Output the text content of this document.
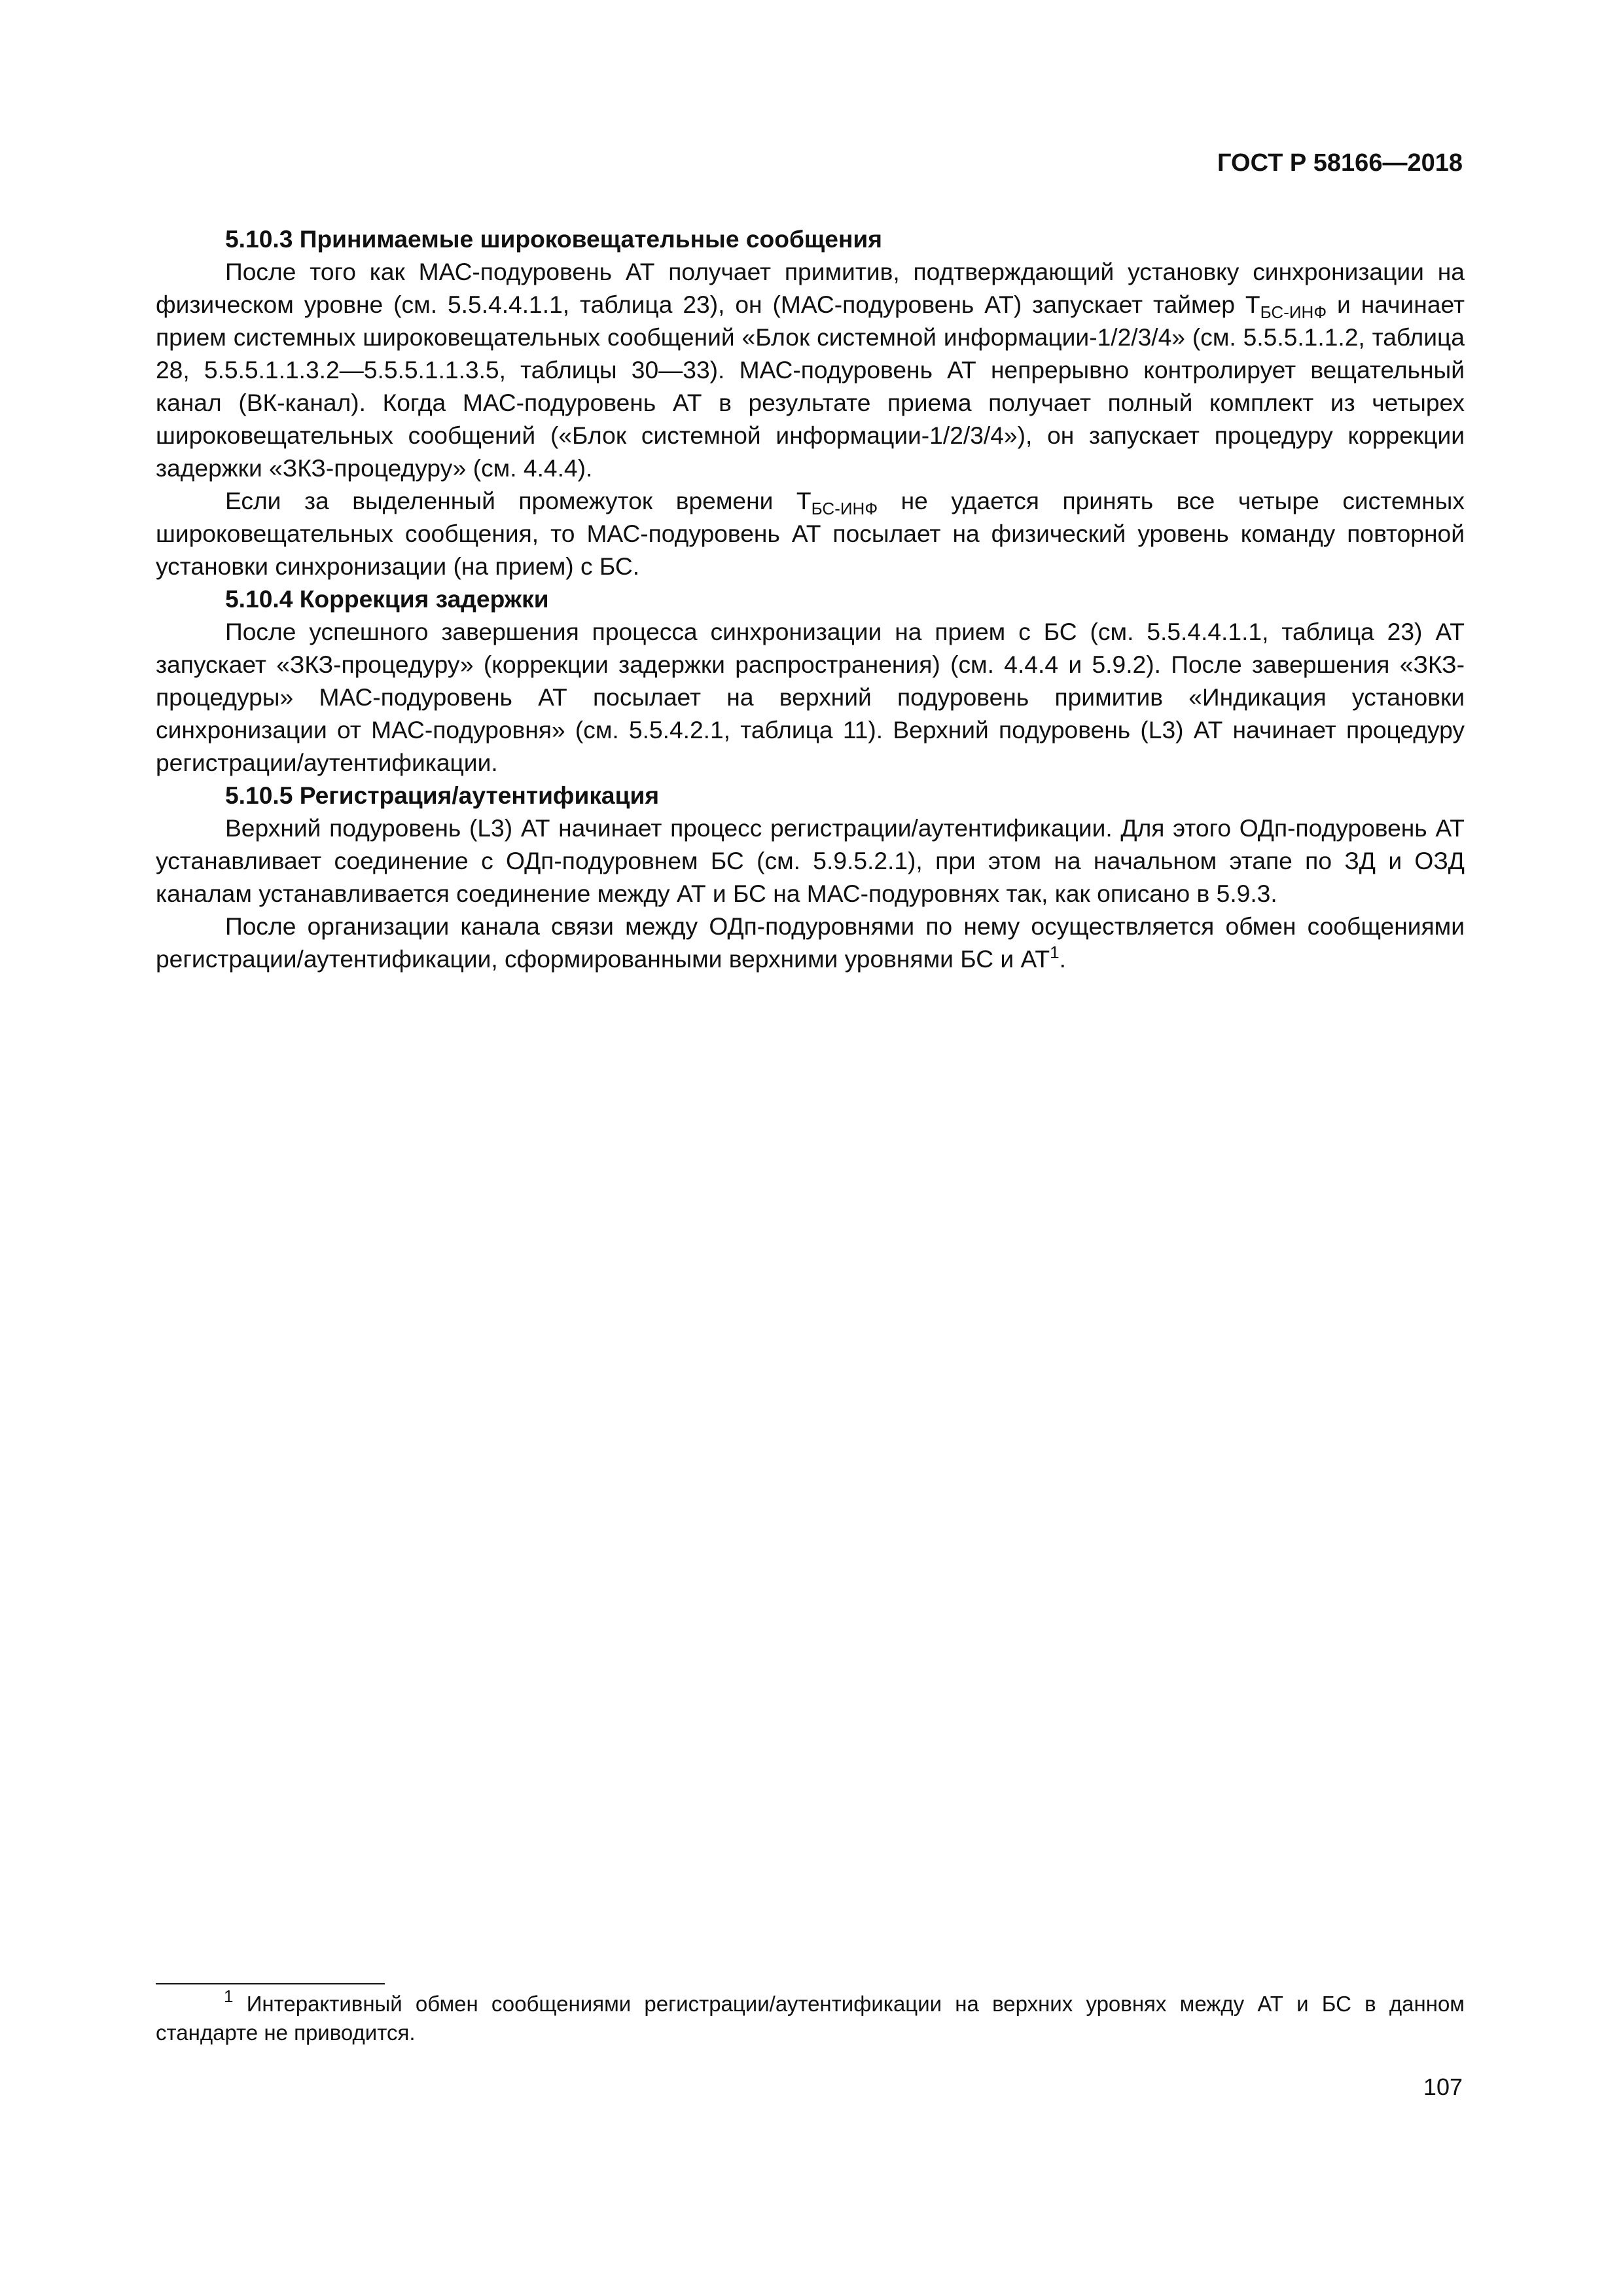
ГОСТ Р 58166—2018

5.10.3 Принимаемые широковещательные сообщения

После того как МАС-подуровень АТ получает примитив, подтверждающий установку синхронизации на физическом уровне (см. 5.5.4.4.1.1, таблица 23), он (МАС-подуровень АТ) запускает таймер $Т_{БС-ИНФ}$ и начинает прием системных широковещательных сообщений «Блок системной информации-1/2/3/4» (см. 5.5.5.1.1.2, таблица 28, 5.5.5.1.1.3.2—5.5.5.1.1.3.5, таблицы 30—33). МАС-подуровень АТ непрерывно контролирует вещательный канал (ВК-канал). Когда МАС-подуровень АТ в результате приема получает полный комплект из четырех широковещательных сообщений («Блок системной информации-1/2/3/4»), он запускает процедуру коррекции задержки «ЗКЗ-процедуру» (см. 4.4.4).

Если за выделенный промежуток времени $Т_{БС-ИНФ}$ не удается принять все четыре системных широковещательных сообщения, то МАС-подуровень АТ посылает на физический уровень команду повторной установки синхронизации (на прием) с БС.

5.10.4 Коррекция задержки

После успешного завершения процесса синхронизации на прием с БС (см. 5.5.4.4.1.1, таблица 23) АТ запускает «ЗКЗ-процедуру» (коррекции задержки распространения) (см. 4.4.4 и 5.9.2). После завершения «ЗКЗ-процедуры» МАС-подуровень АТ посылает на верхний подуровень примитив «Индикация установки синхронизации от МАС-подуровня» (см. 5.5.4.2.1, таблица 11). Верхний подуровень (L3) АТ начинает процедуру регистрации/аутентификации.

5.10.5 Регистрация/аутентификация

Верхний подуровень (L3) АТ начинает процесс регистрации/аутентификации. Для этого ОДп-подуровень АТ устанавливает соединение с ОДп-подуровнем БС (см. 5.9.5.2.1), при этом на начальном этапе по ЗД и ОЗД каналам устанавливается соединение между АТ и БС на МАС-подуровнях так, как описано в 5.9.3.

После организации канала связи между ОДп-подуровнями по нему осуществляется обмен сообщениями регистрации/аутентификации, сформированными верхними уровнями БС и $АТ^1$.

$^1$ Интерактивный обмен сообщениями регистрации/аутентификации на верхних уровнях между АТ и БС в данном стандарте не приводится.

107
